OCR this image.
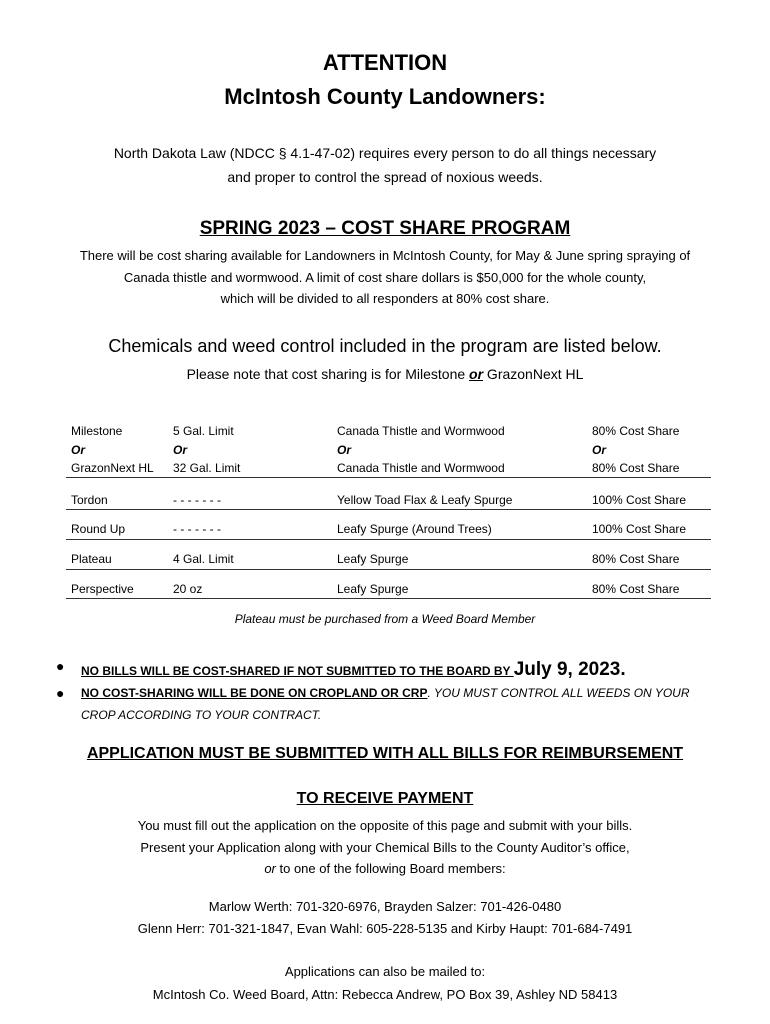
ATTENTION
McIntosh County Landowners:
North Dakota Law (NDCC § 4.1-47-02) requires every person to do all things necessary
and proper to control the spread of noxious weeds.
SPRING 2023 – COST SHARE PROGRAM
There will be cost sharing available for Landowners in McIntosh County, for May & June spring spraying of
Canada thistle and wormwood. A limit of cost share dollars is $50,000 for the whole county,
which will be divided to all responders at 80% cost share.
Chemicals and weed control included in the program are listed below.
Please note that cost sharing is for Milestone or GrazonNext HL
Milestone	5 Gal. Limit	Canada Thistle and Wormwood	80% Cost Share
Or	Or	Or	Or
GrazonNext HL 32 Gal. Limit	Canada Thistle and Wormwood	80% Cost Share
Tordon	- - - - - - -	Yellow Toad Flax & Leafy Spurge	100% Cost Share
Round Up	- - - - - - -	Leafy Spurge (Around Trees)	100% Cost Share
Plateau	4 Gal. Limit	Leafy Spurge	80% Cost Share
Perspective	20 oz	Leafy Spurge	80% Cost Share
Plateau must be purchased from a Weed Board Member
● NO BILLS WILL BE COST-SHARED IF NOT SUBMITTED TO THE BOARD BY July 9, 2023.
● NO COST-SHARING WILL BE DONE ON CROPLAND OR CRP. YOU MUST CONTROL ALL WEEDS ON YOUR
CROP ACCORDING TO YOUR CONTRACT.
APPLICATION MUST BE SUBMITTED WITH ALL BILLS FOR REIMBURSEMENT
TO RECEIVE PAYMENT
You must fill out the application on the opposite of this page and submit with your bills.
Present your Application along with your Chemical Bills to the County Auditor’s office,
or to one of the following Board members:
Marlow Werth: 701-320-6976, Brayden Salzer: 701-426-0480
Glenn Herr: 701-321-1847, Evan Wahl: 605-228-5135 and Kirby Haupt: 701-684-7491
Applications can also be mailed to:
McIntosh Co. Weed Board, Attn: Rebecca Andrew, PO Box 39, Ashley ND 58413
